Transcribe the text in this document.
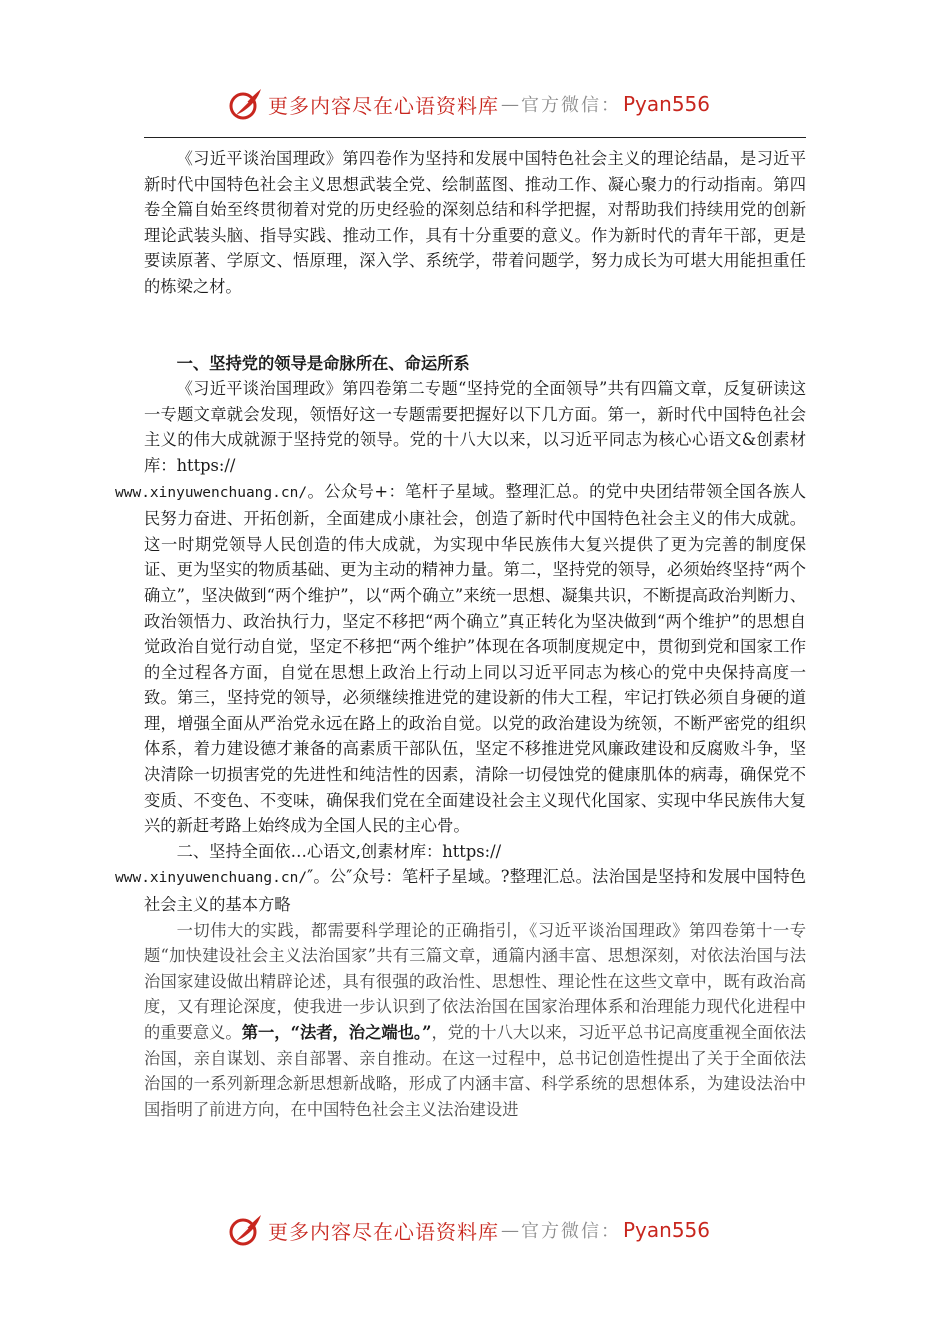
更多内容尽在心语资料库 — 官方微信： Pyan556

《习近平谈治国理政》第四卷作为坚持和发展中国特色社会主义的理论结晶，是习近平新时代中国特色社会主义思想武装全党、绘制蓝图、推动工作、凝心聚力的行动指南。第四卷全篇自始至终贯彻着对党的历史经验的深刻总结和科学把握，对帮助我们持续用党的创新理论武装头脑、指导实践、推动工作，具有十分重要的意义。作为新时代的青年干部，更是要读原著、学原文、悟原理，深入学、系统学，带着问题学，努力成长为可堪大用能担重任的栋梁之材。

一、坚持党的领导是命脉所在、命运所系

《习近平谈治国理政》第四卷第二专题“坚持党的全面领导”共有四篇文章，反复研读这一专题文章就会发现，领悟好这一专题需要把握好以下几方面。第一，新时代中国特色社会主义的伟大成就源于坚持党的领导。党的十八大以来，以习近平同志为核心心语文&创素材库：https://
www.xinyuwenchuang.cn/。公众号+：笔杆子星域。整理汇总。的党中央团结带领全国各族人民努力奋进、开拓创新，全面建成小康社会，创造了新时代中国特色社会主义的伟大成就。这一时期党领导人民创造的伟大成就，为实现中华民族伟大复兴提供了更为完善的制度保证、更为坚实的物质基础、更为主动的精神力量。第二，坚持党的领导，必须始终坚持“两个确立”，坚决做到“两个维护”，以“两个确立”来统一思想、凝集共识，不断提高政治判断力、政治领悟力、政治执行力，坚定不移把“两个确立”真正转化为坚决做到“两个维护”的思想自觉政治自觉行动自觉，坚定不移把“两个维护”体现在各项制度规定中，贯彻到党和国家工作的全过程各方面，自觉在思想上政治上行动上同以习近平同志为核心的党中央保持高度一致。第三，坚持党的领导，必须继续推进党的建设新的伟大工程，牢记打铁必须自身硬的道理，增强全面从严治党永远在路上的政治自觉。以党的政治建设为统领，不断严密党的组织体系，着力建设德才兼备的高素质干部队伍，坚定不移推进党风廉政建设和反腐败斗争，坚决清除一切损害党的先进性和纯洁性的因素，清除一切侵蚀党的健康肌体的病毒，确保党不变质、不变色、不变味，确保我们党在全面建设社会主义现代化国家、实现中华民族伟大复兴的新赶考路上始终成为全国人民的主心骨。

二、坚持全面依…心语文,创素材库：https://
www.xinyuwenchuang.cn/″。公″众号：笔杆子星域。?整理汇总。法治国是坚持和发展中国特色社会主义的基本方略

一切伟大的实践，都需要科学理论的正确指引，《习近平谈治国理政》第四卷第十一专题“加快建设社会主义法治国家”共有三篇文章，通篇内涵丰富、思想深刻，对依法治国与法治国家建设做出精辟论述，具有很强的政治性、思想性、理论性在这些文章中，既有政治高度，又有理论深度，使我进一步认识到了依法治国在国家治理体系和治理能力现代化进程中的重要意义。第一，“法者，治之端也。”，党的十八大以来，习近平总书记高度重视全面依法治国，亲自谋划、亲自部署、亲自推动。在这一过程中，总书记创造性提出了关于全面依法治国的一系列新理念新思想新战略，形成了内涵丰富、科学系统的思想体系，为建设法治中国指明了前进方向，在中国特色社会主义法治建设进

更多内容尽在心语资料库 — 官方微信： Pyan556
